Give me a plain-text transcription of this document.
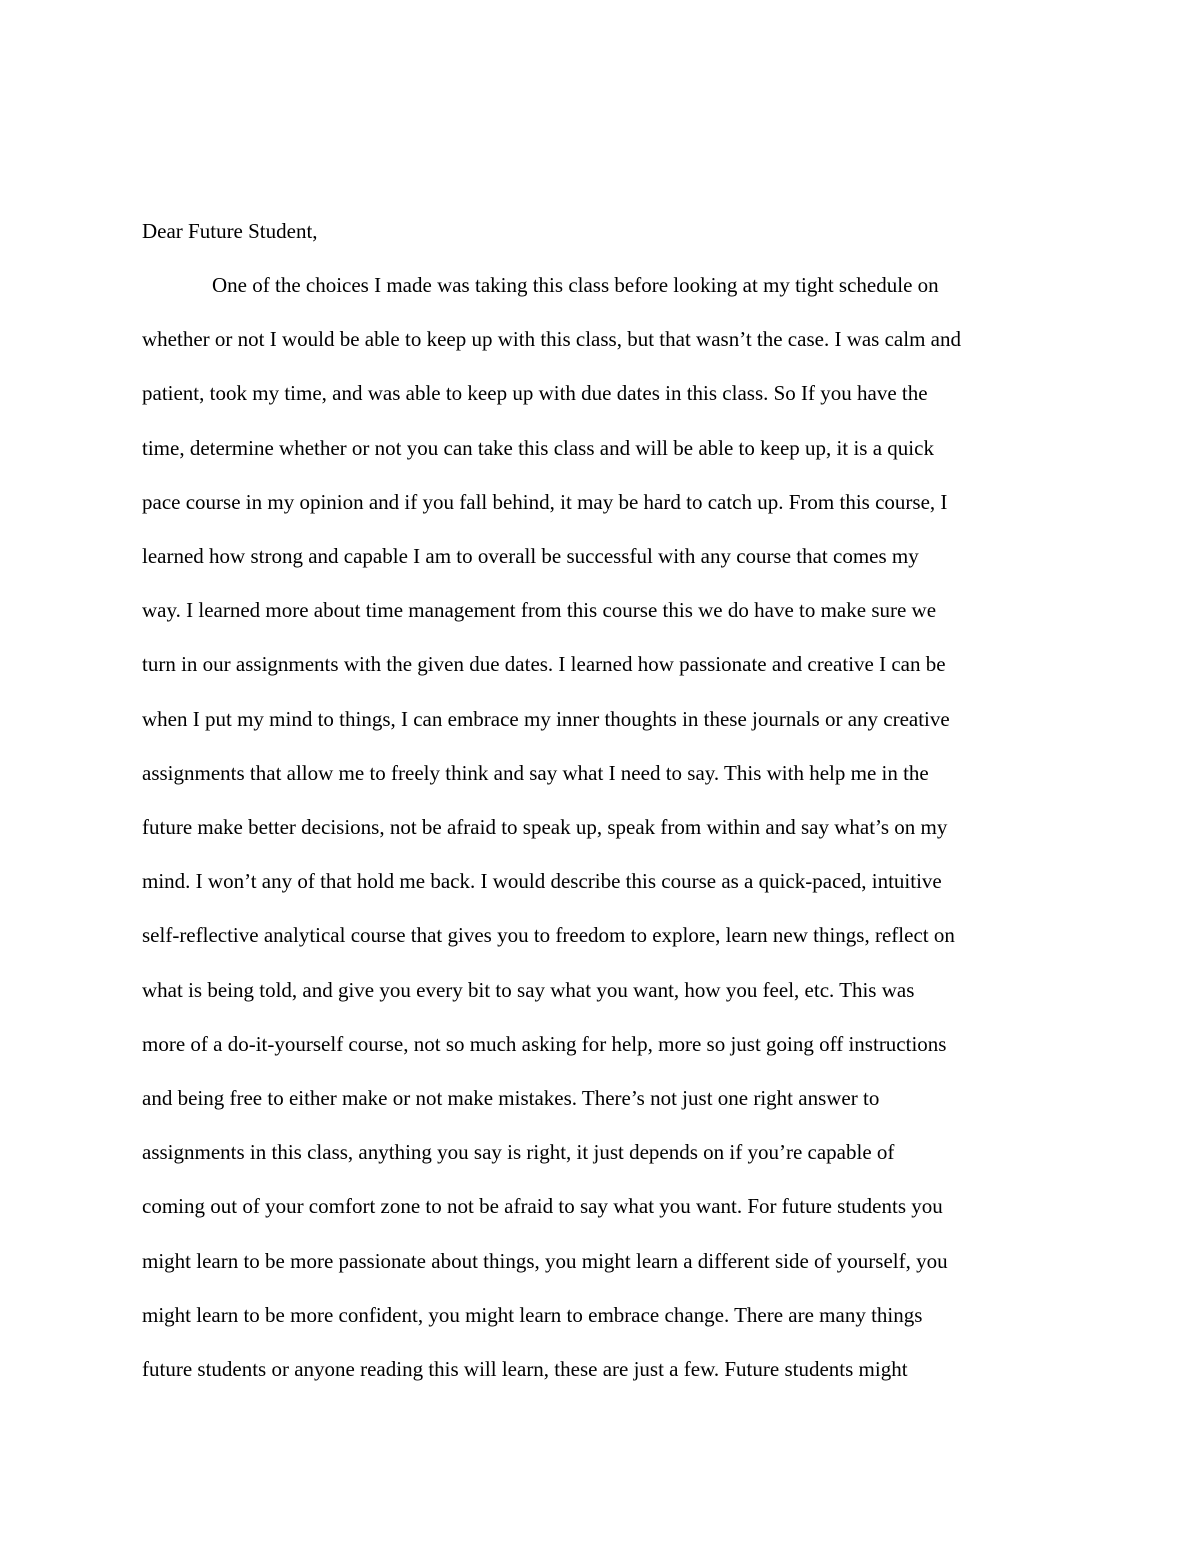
Dear Future Student,
One of the choices I made was taking this class before looking at my tight schedule on
whether or not I would be able to keep up with this class, but that wasn’t the case. I was calm and
patient, took my time, and was able to keep up with due dates in this class. So If you have the
time, determine whether or not you can take this class and will be able to keep up, it is a quick
pace course in my opinion and if you fall behind, it may be hard to catch up. From this course, I
learned how strong and capable I am to overall be successful with any course that comes my
way. I learned more about time management from this course this we do have to make sure we
turn in our assignments with the given due dates. I learned how passionate and creative I can be
when I put my mind to things, I can embrace my inner thoughts in these journals or any creative
assignments that allow me to freely think and say what I need to say. This with help me in the
future make better decisions, not be afraid to speak up, speak from within and say what’s on my
mind. I won’t any of that hold me back. I would describe this course as a quick-paced, intuitive
self-reflective analytical course that gives you to freedom to explore, learn new things, reflect on
what is being told, and give you every bit to say what you want, how you feel, etc. This was
more of a do-it-yourself course, not so much asking for help, more so just going off instructions
and being free to either make or not make mistakes. There’s not just one right answer to
assignments in this class, anything you say is right, it just depends on if you’re capable of
coming out of your comfort zone to not be afraid to say what you want. For future students you
might learn to be more passionate about things, you might learn a different side of yourself, you
might learn to be more confident, you might learn to embrace change. There are many things
future students or anyone reading this will learn, these are just a few. Future students might
